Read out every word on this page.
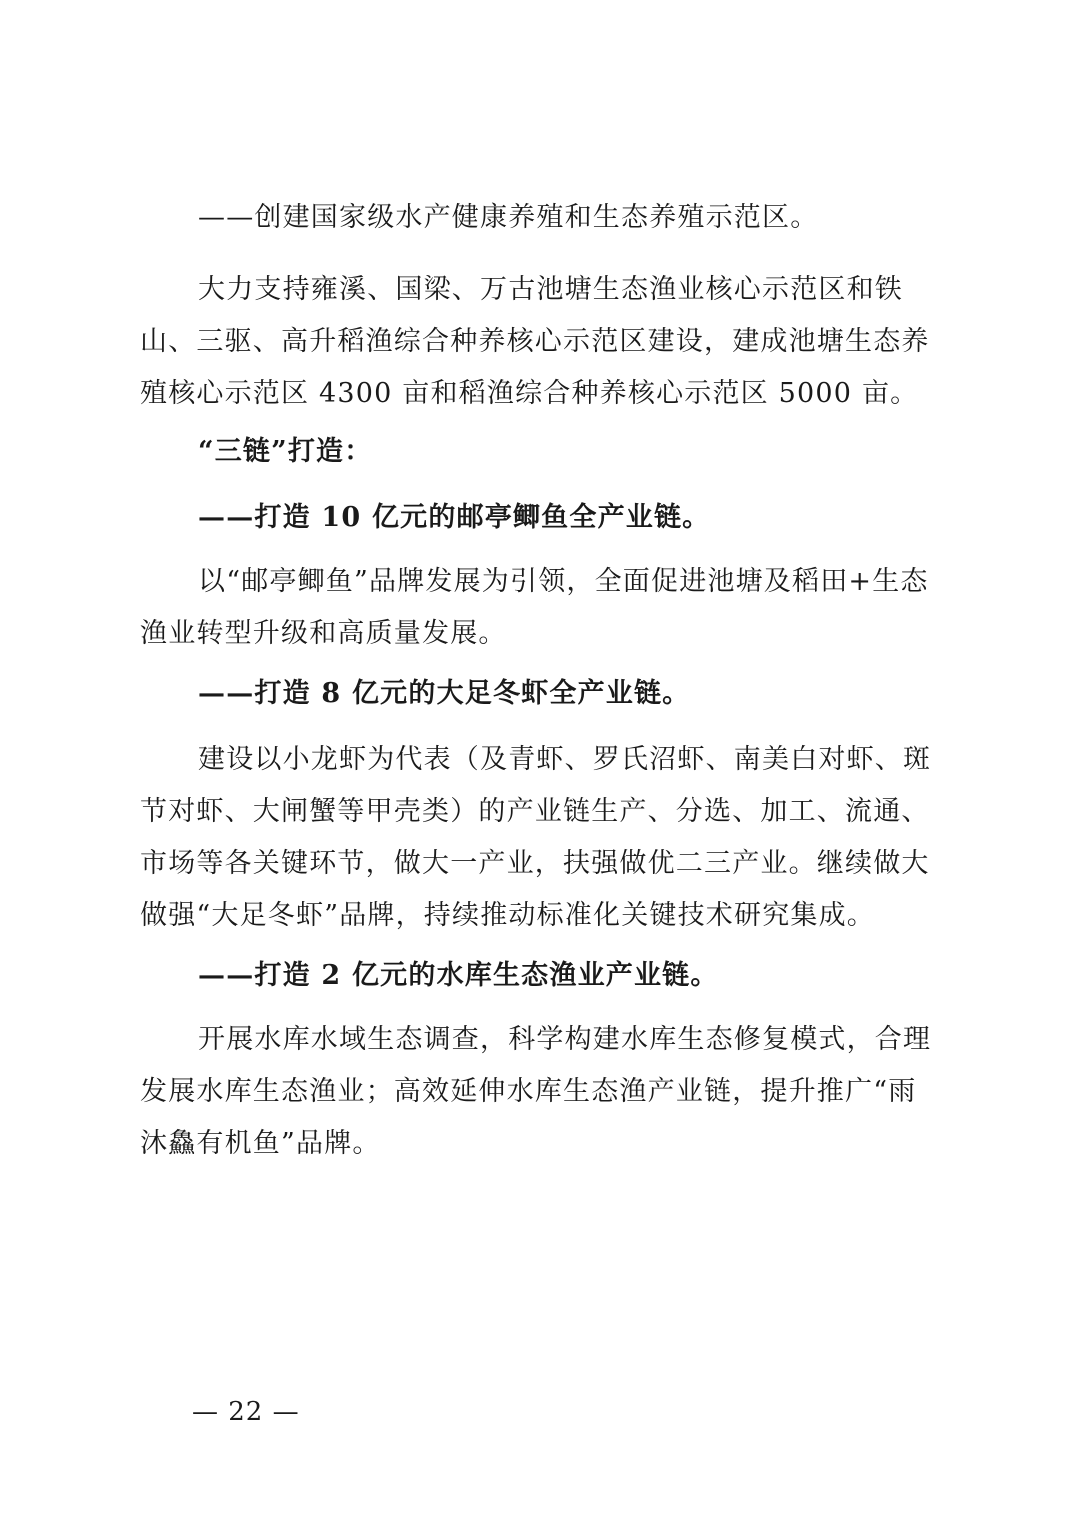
——创建国家级水产健康养殖和生态养殖示范区。

大力支持雍溪、国梁、万古池塘生态渔业核心示范区和铁山、三驱、高升稻渔综合种养核心示范区建设，建成池塘生态养殖核心示范区 4300 亩和稻渔综合种养核心示范区 5000 亩。

“三链”打造：

——打造 10 亿元的邮亭鲫鱼全产业链。

以“邮亭鲫鱼”品牌发展为引领，全面促进池塘及稻田+生态渔业转型升级和高质量发展。

——打造 8 亿元的大足冬虾全产业链。

建设以小龙虾为代表（及青虾、罗氏沼虾、南美白对虾、斑节对虾、大闸蟹等甲壳类）的产业链生产、分选、加工、流通、市场等各关键环节，做大一产业，扶强做优二三产业。继续做大做强“大足冬虾”品牌，持续推动标准化关键技术研究集成。

——打造 2 亿元的水库生态渔业产业链。

开展水库水域生态调查，科学构建水库生态修复模式，合理发展水库生态渔业；高效延伸水库生态渔产业链，提升推广“雨沐鱻有机鱼”品牌。

— 22 —
